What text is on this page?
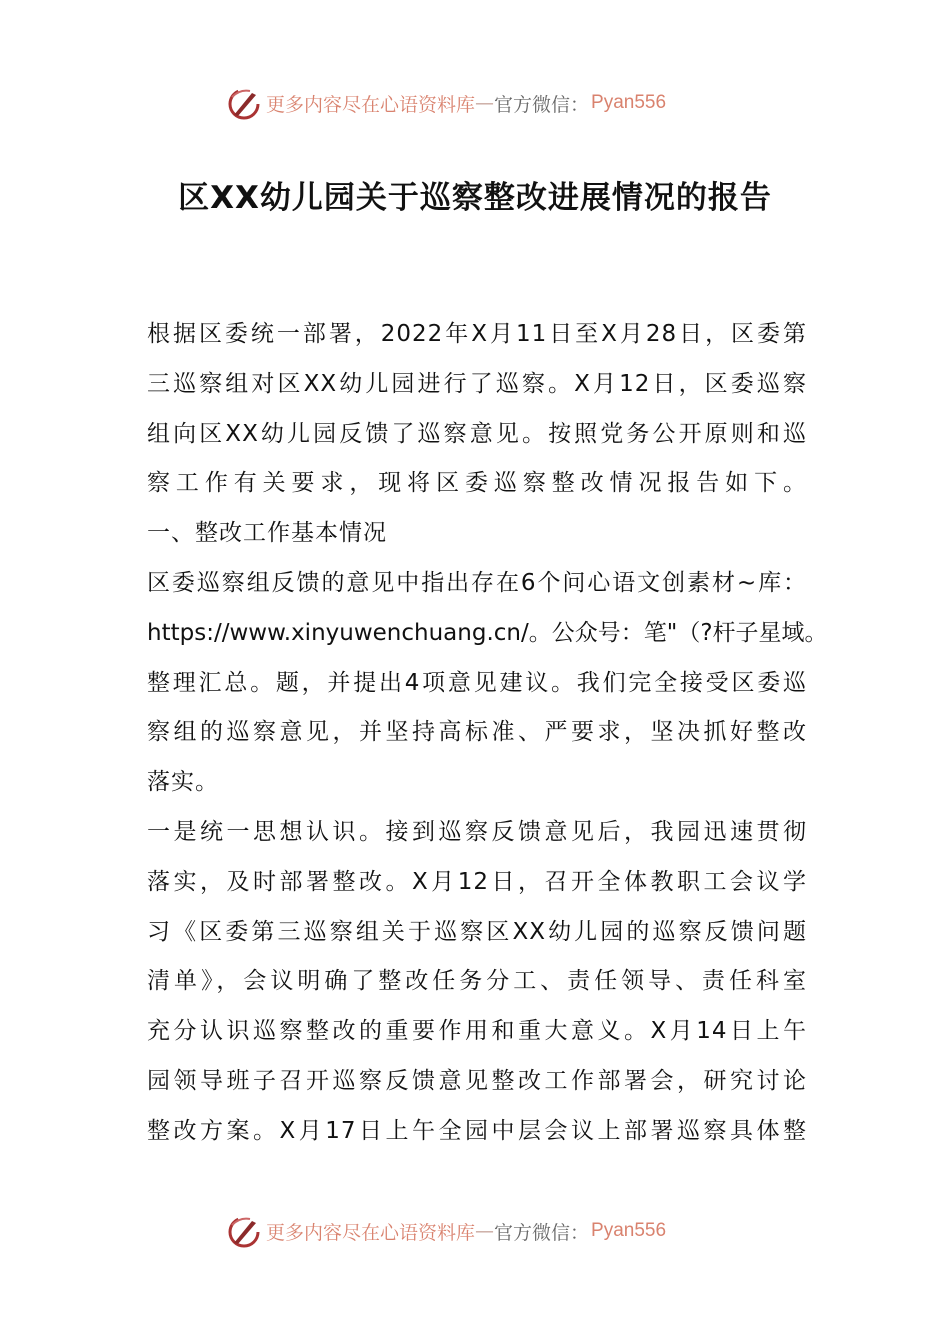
更多内容尽在心语资料库 — 官方微信： Pyan556
区XX幼儿园关于巡察整改进展情况的报告
根据区委统一部署，2022年X月11日至X月28日，区委第
三巡察组对区XX幼儿园进行了巡察。X月12日，区委巡察
组向区XX幼儿园反馈了巡察意见。按照党务公开原则和巡
察工作有关要求，现将区委巡察整改情况报告如下。
一、整改工作基本情况
区委巡察组反馈的意见中指出存在6个问心语文创素材~库：
https://www.xinyuwenchuang.cn/。公众号：笔"（?杆子星域。
整理汇总。题，并提出4项意见建议。我们完全接受区委巡
察组的巡察意见，并坚持高标准、严要求，坚决抓好整改
落实。
一是统一思想认识。接到巡察反馈意见后，我园迅速贯彻
落实，及时部署整改。X月12日，召开全体教职工会议学
习《区委第三巡察组关于巡察区XX幼儿园的巡察反馈问题
清单》，会议明确了整改任务分工、责任领导、责任科室
充分认识巡察整改的重要作用和重大意义。X月14日上午
园领导班子召开巡察反馈意见整改工作部署会，研究讨论
整改方案。X月17日上午全园中层会议上部署巡察具体整
更多内容尽在心语资料库 — 官方微信： Pyan556
